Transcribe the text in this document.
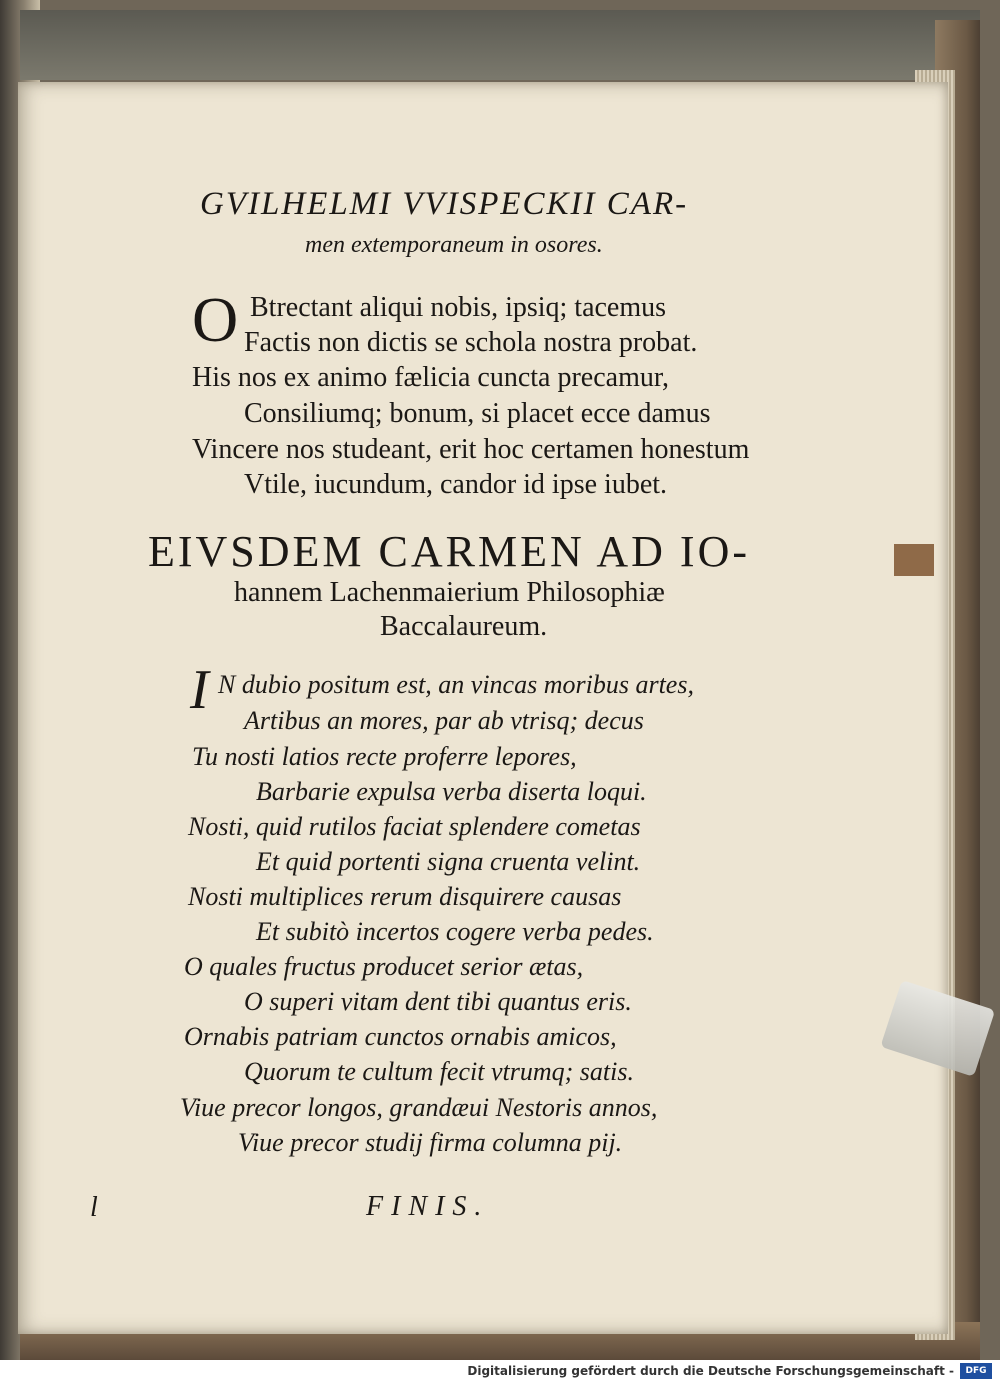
GVILHELMI VVISPECKII CAR-
men extemporaneum in osores.
O Btrectant aliqui nobis, ipsiq; tacemus
Factis non dictis se schola nostra probat.
His nos ex animo fælicia cuncta precamur,
Consiliumq; bonum, si placet ecce damus
Vincere nos studeant, erit hoc certamen honestum
Vtile, iucundum, candor id ipse iubet.
EIVSDEM CARMEN AD IO-
hannem Lachenmaierium Philosophiæ
Baccalaureum.
I N dubio positum est, an vincas moribus artes,
Artibus an mores, par ab vtrisq; decus
Tu nosti latios recte proferre lepores,
Barbarie expulsa verba diserta loqui.
Nosti, quid rutilos faciat splendere cometas
Et quid portenti signa cruenta velint.
Nosti multiplices rerum disquirere causas
Et subitò incertos cogere verba pedes.
O quales fructus producet serior ætas,
O superi vitam dent tibi quantus eris.
Ornabis patriam cunctos ornabis amicos,
Quorum te cultum fecit vtrumq; satis.
Viue precor longos, grandæui Nestoris annos,
Viue precor studij firma columna pij.
l	FINIS.
Digitalisierung gefördert durch die Deutsche Forschungsgemeinschaft -	DFG
